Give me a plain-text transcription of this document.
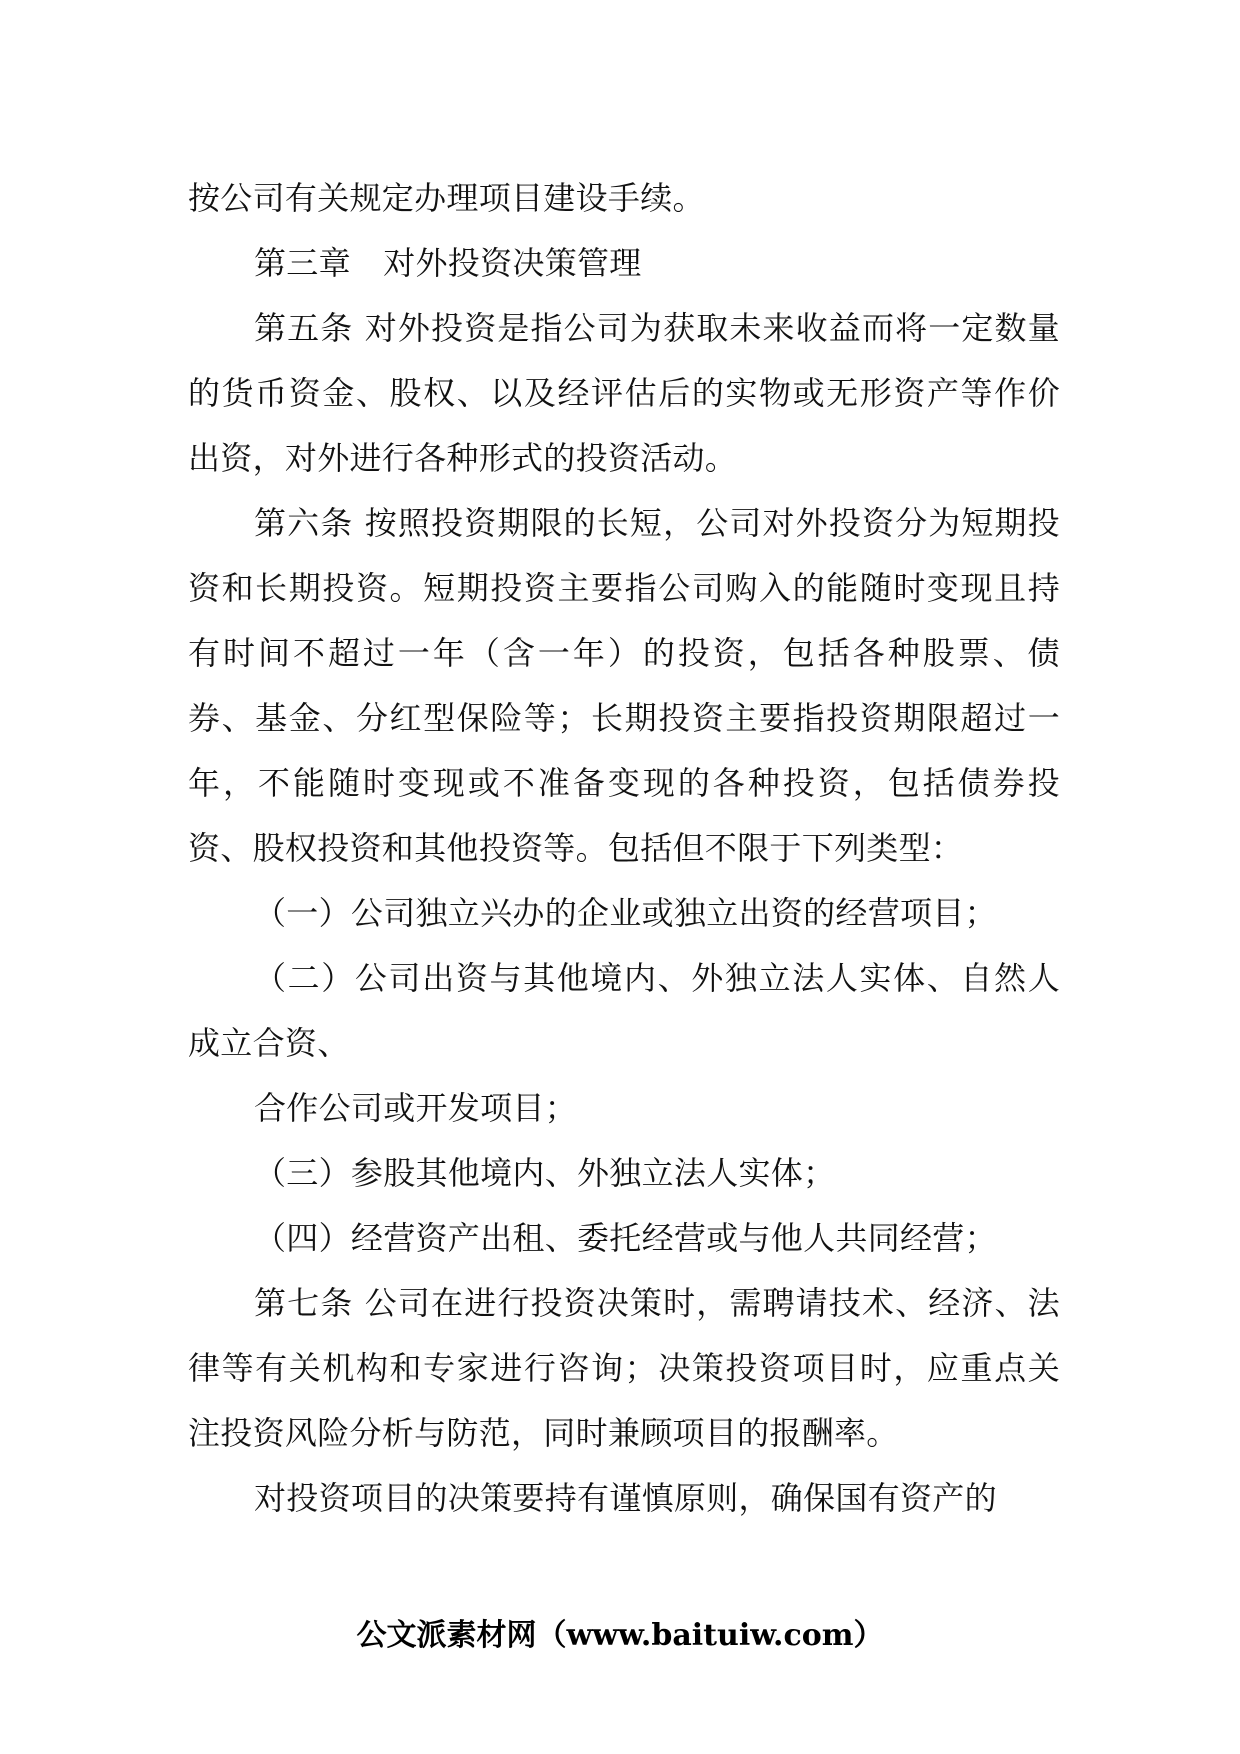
按公司有关规定办理项目建设手续。

第三章　对外投资决策管理

第五条 对外投资是指公司为获取未来收益而将一定数量的货币资金、股权、以及经评估后的实物或无形资产等作价出资，对外进行各种形式的投资活动。

第六条 按照投资期限的长短，公司对外投资分为短期投资和长期投资。短期投资主要指公司购入的能随时变现且持有时间不超过一年（含一年）的投资，包括各种股票、债券、基金、分红型保险等；长期投资主要指投资期限超过一年，不能随时变现或不准备变现的各种投资，包括债券投资、股权投资和其他投资等。包括但不限于下列类型：

（一）公司独立兴办的企业或独立出资的经营项目；

（二）公司出资与其他境内、外独立法人实体、自然人成立合资、

合作公司或开发项目；

（三）参股其他境内、外独立法人实体；

（四）经营资产出租、委托经营或与他人共同经营；

第七条 公司在进行投资决策时，需聘请技术、经济、法律等有关机构和专家进行咨询；决策投资项目时，应重点关注投资风险分析与防范，同时兼顾项目的报酬率。

对投资项目的决策要持有谨慎原则，确保国有资产的

公文派素材网（www.baituiw.com）
